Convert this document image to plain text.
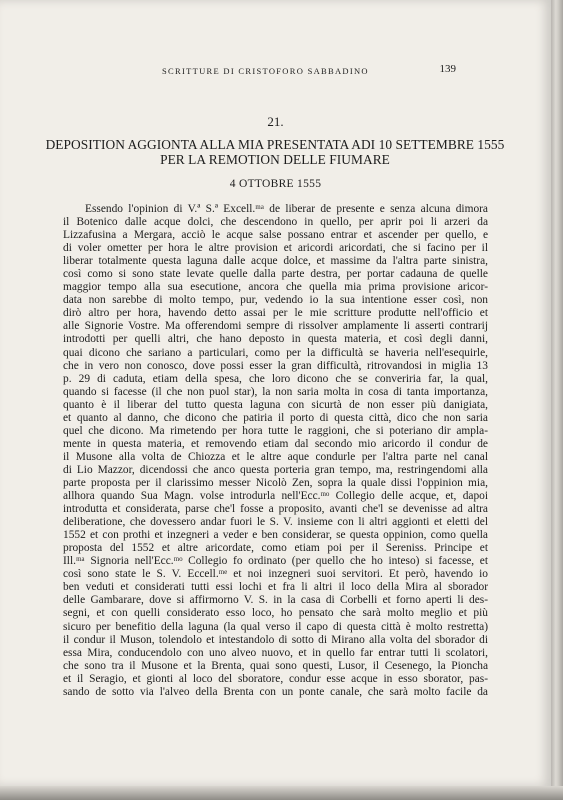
SCRITTURE DI CRISTOFORO SABBADINO	139
21.
DEPOSITION AGGIONTA ALLA MIA PRESENTATA ADI 10 SETTEMBRE 1555
PER LA REMOTION DELLE FIUMARE
4 OTTOBRE 1555
Essendo l'opinion di V.ª S.ª Excell.ᵐᵃ de liberar de presente e senza alcuna dimora
il Botenico dalle acque dolci, che descendono in quello, per aprir poi li arzeri da
Lizzafusina a Mergara, acciò le acque salse possano entrar et ascender per quello, e
di voler ometter per hora le altre provision et aricordi aricordati, che si facino per il
liberar totalmente questa laguna dalle acque dolce, et massime da l'altra parte sinistra,
così como si sono state levate quelle dalla parte destra, per portar cadauna de quelle
maggior tempo alla sua esecutione, ancora che quella mia prima provisione aricor-
data non sarebbe di molto tempo, pur, vedendo io la sua intentione esser così, non
dirò altro per hora, havendo detto assai per le mie scritture produtte nell'officio et
alle Signorie Vostre. Ma offerendomi sempre di rissolver amplamente li asserti contrarij
introdotti per quelli altri, che hano deposto in questa materia, et così degli danni,
quai dicono che sariano a particulari, como per la difficultà se haveria nell'esequirle,
che in vero non conosco, dove possi esser la gran difficultà, ritrovandosi in miglia 13
p. 29 di caduta, etiam della spesa, che loro dicono che se converiria far, la qual,
quando si facesse (il che non puol star), la non saria molta in cosa di tanta importanza,
quanto è il liberar del tutto questa laguna con sicurtà de non esser più danigiata,
et quanto al danno, che dicono che patiria il porto di questa città, dico che non saria
quel che dicono. Ma rimetendo per hora tutte le raggioni, che si poteriano dir ampla-
mente in questa materia, et removendo etiam dal secondo mio aricordo il condur de
il Musone alla volta de Chiozza et le altre aque condurle per l'altra parte nel canal
di Lio Mazzor, dicendossi che anco questa porteria gran tempo, ma, restringendomi alla
parte proposta per il clarissimo messer Nicolò Zen, sopra la quale dissi l'oppinion mia,
allhora quando Sua Magn. volse introdurla nell'Ecc.ᵐᵒ Collegio delle acque, et, dapoi
introdutta et considerata, parse che'l fosse a proposito, avanti che'l se devenisse ad altra
deliberatione, che dovessero andar fuori le S. V. insieme con li altri aggionti et eletti del
1552 et con prothi et inzegneri a veder e ben considerar, se questa oppinion, como quella
proposta del 1552 et altre aricordate, como etiam poi per il Sereniss. Principe et
Ill.ᵐᵃ Signoria nell'Ecc.ᵐᵒ Collegio fo ordinato (per quello che ho inteso) si facesse, et
così sono state le S. V. Eccell.ᵐᵉ et noi inzegneri suoi servitori. Et però, havendo io
ben veduti et considerati tutti essi lochi et fra li altri il loco della Mira al sborador
delle Gambarare, dove si affirmorno V. S. in la casa di Corbelli et forno aperti li des-
segni, et con quelli considerato esso loco, ho pensato che sarà molto meglio et più
sicuro per benefitio della laguna (la qual verso il capo di questa città è molto restretta)
il condur il Muson, tolendolo et intestandolo di sotto di Mirano alla volta del sborador di
essa Mira, conducendolo con uno alveo nuovo, et in quello far entrar tutti li scolatori,
che sono tra il Musone et la Brenta, quai sono questi, Lusor, il Cesenego, la Pioncha
et il Seragio, et gionti al loco del sboratore, condur esse acque in esso sborator, pas-
sando de sotto via l'alveo della Brenta con un ponte canale, che sarà molto facile da
